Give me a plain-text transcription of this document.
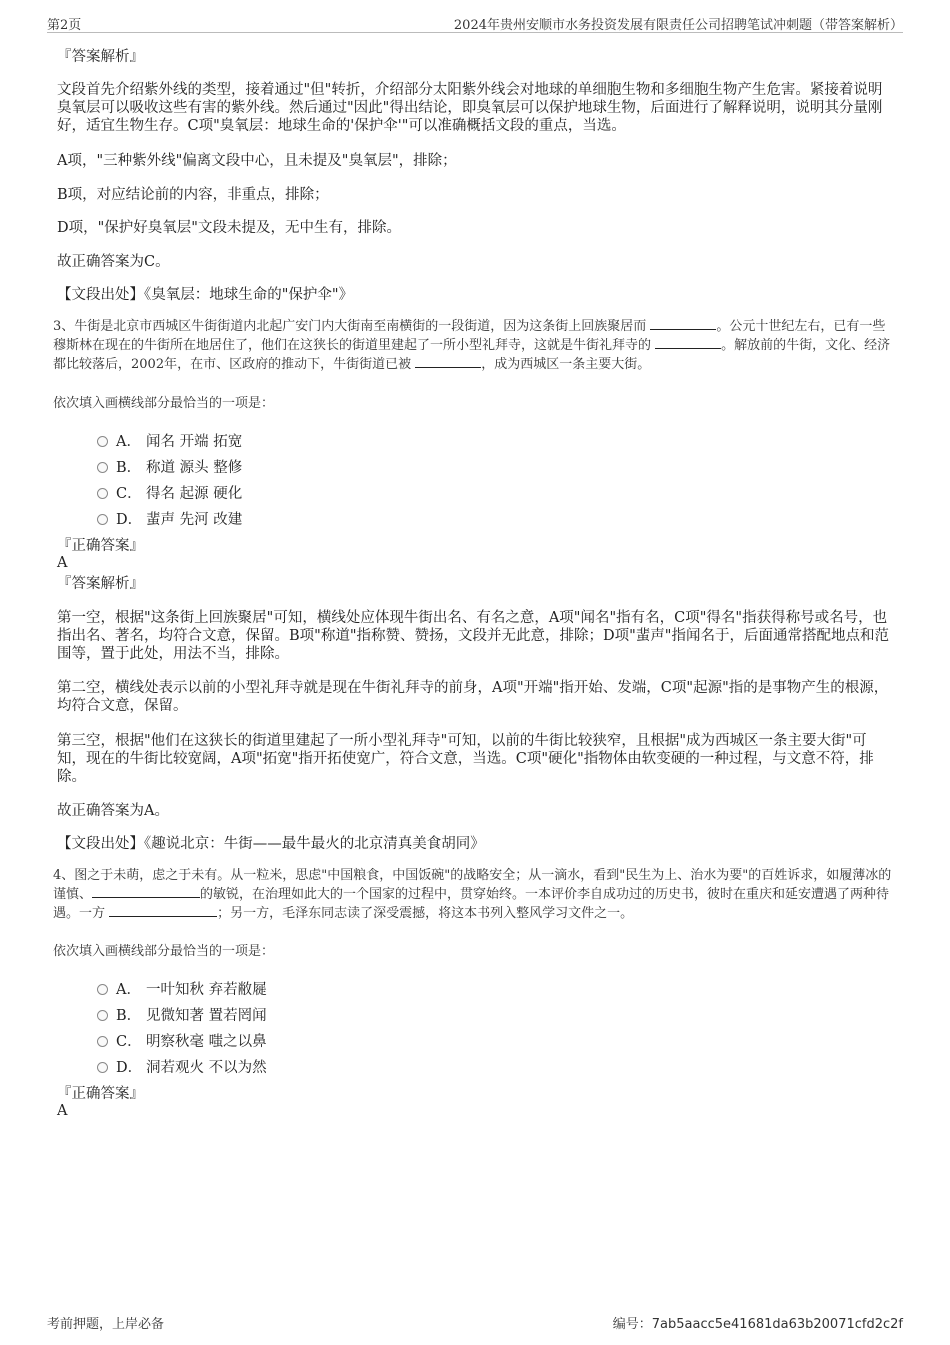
第2页	2024年贵州安顺市水务投资发展有限责任公司招聘笔试冲刺题（带答案解析）
『答案解析』
文段首先介绍紫外线的类型，接着通过"但"转折，介绍部分太阳紫外线会对地球的单细胞生物和多细胞生物产生危害。紧接着说明臭氧层可以吸收这些有害的紫外线。然后通过"因此"得出结论，即臭氧层可以保护地球生物，后面进行了解释说明，说明其分量刚好，适宜生物生存。C项"臭氧层：地球生命的'保护伞'"可以准确概括文段的重点，当选。
A项，"三种紫外线"偏离文段中心，且未提及"臭氧层"，排除；
B项，对应结论前的内容，非重点，排除；
D项，"保护好臭氧层"文段未提及，无中生有，排除。
故正确答案为C。
【文段出处】《臭氧层：地球生命的"保护伞"》
3、牛街是北京市西城区牛街街道内北起广安门内大街南至南横街的一段街道，因为这条街上回族聚居而	。公元十世纪左右，已有一些穆斯林在现在的牛街所在地居住了，他们在这狭长的街道里建起了一所小型礼拜寺，这就是牛街礼拜寺的	。解放前的牛街，文化、经济都比较落后，2002年，在市、区政府的推动下，牛街街道已被	，成为西城区一条主要大街。
依次填入画横线部分最恰当的一项是：
A． 闻名 开端 拓宽
B． 称道 源头 整修
C． 得名 起源 硬化
D． 蜚声 先河 改建
『正确答案』
A
『答案解析』
第一空，根据"这条街上回族聚居"可知，横线处应体现牛街出名、有名之意，A项"闻名"指有名，C项"得名"指获得称号或名号，也指出名、著名，均符合文意，保留。B项"称道"指称赞、赞扬，文段并无此意，排除；D项"蜚声"指闻名于，后面通常搭配地点和范围等，置于此处，用法不当，排除。
第二空，横线处表示以前的小型礼拜寺就是现在牛街礼拜寺的前身，A项"开端"指开始、发端，C项"起源"指的是事物产生的根源，均符合文意，保留。
第三空，根据"他们在这狭长的街道里建起了一所小型礼拜寺"可知，以前的牛街比较狭窄，且根据"成为西城区一条主要大街"可知，现在的牛街比较宽阔，A项"拓宽"指开拓使宽广，符合文意，当选。C项"硬化"指物体由软变硬的一种过程，与文意不符，排除。
故正确答案为A。
【文段出处】《趣说北京：牛街——最牛最火的北京清真美食胡同》
4、图之于未萌，虑之于未有。从一粒米，思虑"中国粮食，中国饭碗"的战略安全；从一滴水，看到"民生为上、治水为要"的百姓诉求，如履薄冰的谨慎、	的敏锐，在治理如此大的一个国家的过程中，贯穿始终。一本评价李自成功过的历史书，彼时在重庆和延安遭遇了两种待遇。一方	；另一方，毛泽东同志读了深受震撼，将这本书列入整风学习文件之一。
依次填入画横线部分最恰当的一项是：
A． 一叶知秋 弃若敝屣
B． 见微知著 置若罔闻
C． 明察秋毫 嗤之以鼻
D． 洞若观火 不以为然
『正确答案』
A
考前押题，上岸必备	编号：7ab5aacc5e41681da63b20071cfd2c2f
